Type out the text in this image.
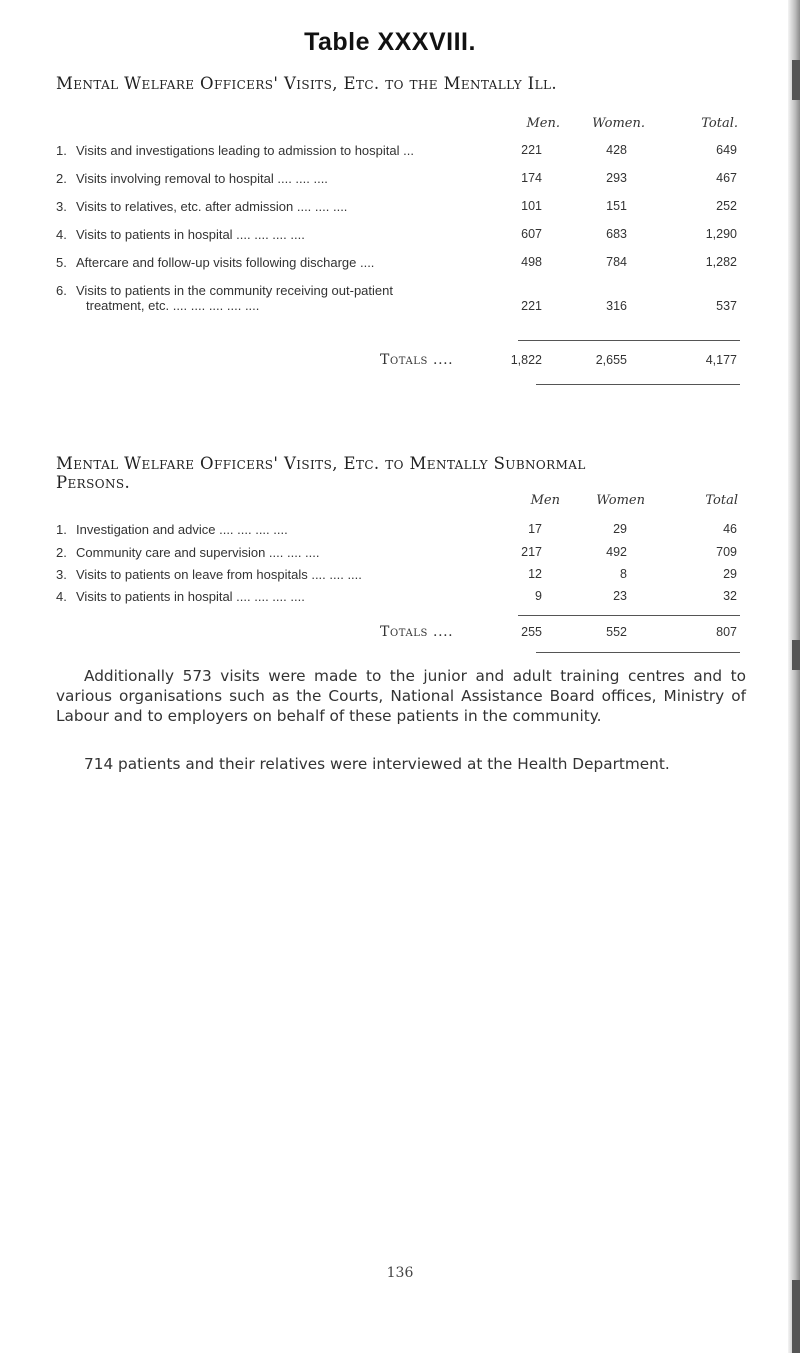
Table XXXVIII.

Mental Welfare Officers' Visits, Etc. to the Mentally Ill.

Men.	Women.	Total.
1. Visits and investigations leading to admission to hospital ...	221	428	649
2. Visits involving removal to hospital .... .... ....	174	293	467
3. Visits to relatives, etc. after admission .... .... ....	101	151	252
4. Visits to patients in hospital .... .... .... ....	607	683	1,290
5. Aftercare and follow-up visits following discharge ....	498	784	1,282
6. Visits to patients in the community receiving out-patient
treatment, etc. .... .... .... .... ....	221	316	537
Totals ....	1,822	2,655	4,177

Mental Welfare Officers' Visits, Etc. to Mentally Subnormal

Persons.

Men	Women	Total
1. Investigation and advice .... .... .... ....	17	29	46
2. Community care and supervision .... .... ....	217	492	709
3. Visits to patients on leave from hospitals .... .... ....	12	8	29
4. Visits to patients in hospital .... .... .... ....	9	23	32
Totals ....	255	552	807

Additionally 573 visits were made to the junior and adult training centres and to various organisations such as the Courts, National Assistance Board offices, Ministry of Labour and to employers on behalf of these patients in the community.

714 patients and their relatives were interviewed at the Health Department.

136
